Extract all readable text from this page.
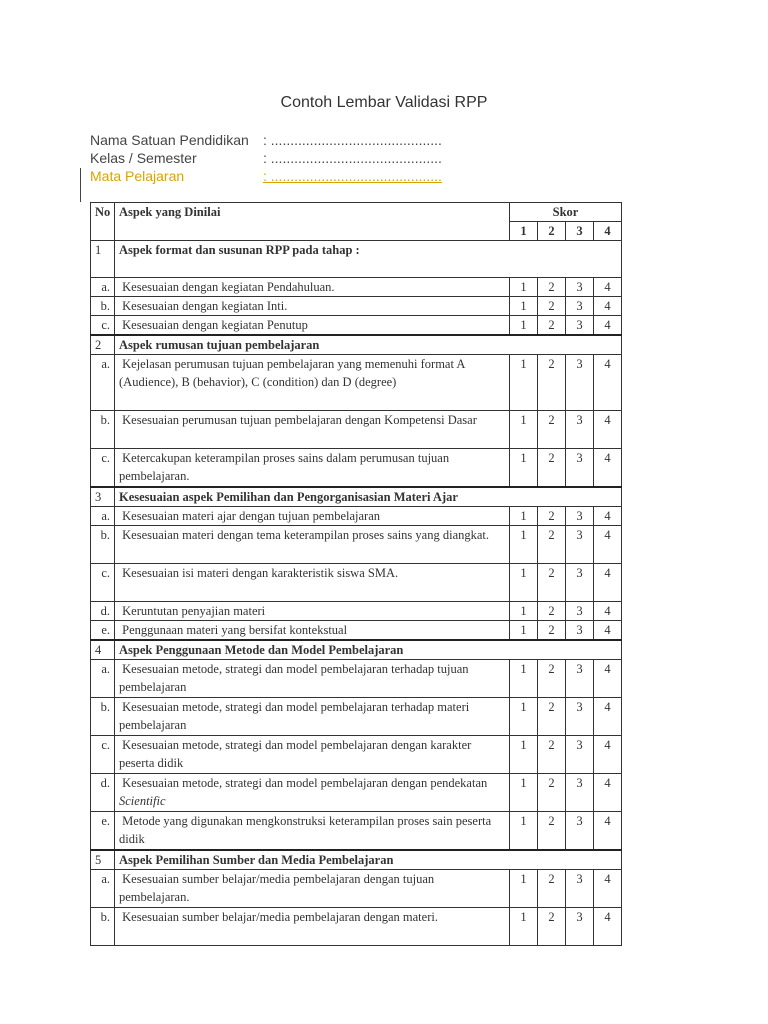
Contoh Lembar Validasi RPP
Nama Satuan Pendidikan : ............................................
Kelas / Semester	: ............................................
Mata Pelajaran	: ............................................
No	Aspek yang Dinilai	Skor			
		1	2	3	4
1	Aspek format dan susunan RPP pada tahap :				
a.	Kesesuaian dengan kegiatan Pendahuluan.	1	2	3	4
b.	Kesesuaian dengan kegiatan Inti.	1	2	3	4
c.	Kesesuaian dengan kegiatan Penutup	1	2	3	4
2	Aspek rumusan tujuan pembelajaran				
a.	Kejelasan perumusan tujuan pembelajaran yang memenuhi format A (Audience), B (behavior), C (condition) dan D (degree)	1	2	3	4
b.	Kesesuaian perumusan tujuan pembelajaran dengan Kompetensi Dasar	1	2	3	4
c.	Ketercakupan keterampilan proses sains dalam perumusan tujuan pembelajaran.	1	2	3	4
3	Kesesuaian aspek Pemilihan dan Pengorganisasian Materi Ajar				
a.	Kesesuaian materi ajar dengan tujuan pembelajaran	1	2	3	4
b.	Kesesuaian materi dengan tema keterampilan proses sains yang diangkat.	1	2	3	4
c.	Kesesuaian isi materi dengan karakteristik siswa SMA.	1	2	3	4
d.	Keruntutan penyajian materi	1	2	3	4
e.	Penggunaan materi yang bersifat kontekstual	1	2	3	4
4	Aspek Penggunaan Metode dan Model Pembelajaran				
a.	Kesesuaian metode, strategi dan model pembelajaran terhadap tujuan pembelajaran	1	2	3	4
b.	Kesesuaian metode, strategi dan model pembelajaran terhadap materi pembelajaran	1	2	3	4
c.	Kesesuaian metode, strategi dan model pembelajaran dengan karakter peserta didik	1	2	3	4
d.	Kesesuaian metode, strategi dan model pembelajaran dengan pendekatan Scientific	1	2	3	4
e.	Metode yang digunakan mengkonstruksi keterampilan proses sain peserta didik	1	2	3	4
5	Aspek Pemilihan Sumber dan Media Pembelajaran				
a.	Kesesuaian sumber belajar/media pembelajaran dengan tujuan pembelajaran.	1	2	3	4
b.	Kesesuaian sumber belajar/media pembelajaran dengan materi.	1	2	3	4
